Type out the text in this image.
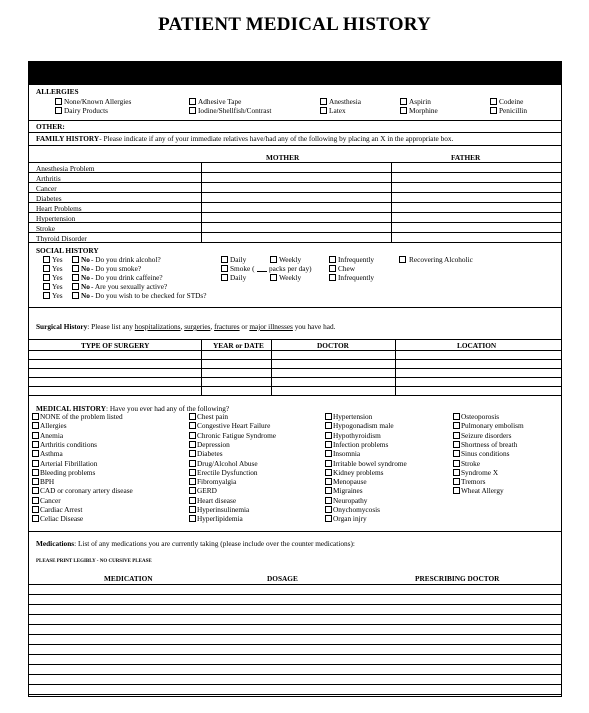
PATIENT MEDICAL HISTORY
ALLERGIES
None/Known Allergies
Dairy Products
Adhesive Tape
Iodine/Shellfish/Contrast
Anesthesia
Latex
Aspirin
Morphine
Codeine
Penicillin
OTHER:
FAMILY HISTORY- Please indicate if any of your immediate relatives have/had any of the following by placing an X in the appropriate box.
MOTHER	FATHER
Anesthesia Problem
Arthritis
Cancer
Diabetes
Heart Problems
Hypertension
Stroke
Thyroid Disorder
SOCIAL HISTORY
Yes	No - Do you drink alcohol?
Yes	No - Do you smoke?
Yes	No - Do you drink caffeine?
Yes	No - Are you sexually active?
Yes	No - Do you wish to be checked for STDs?
Daily	Weekly	Infrequently	Recovering Alcoholic
Smoke ( packs per day)	Chew
Daily	Weekly	Infrequently
Surgical History: Please list any hospitalizations, surgeries, fractures or major illnesses you have had.
TYPE OF SURGERY	YEAR or DATE	DOCTOR	LOCATION
MEDICAL HISTORY: Have you ever had any of the following?
NONE of the problem listed
Allergies
Anemia
Arthritis conditions
Asthma
Arterial Fibrillation
Bleeding problems
BPH
CAD or coronary artery disease
Cancer
Cardiac Arrest
Celiac Disease
Chest pain
Congestive Heart Failure
Chronic Fatigue Syndrome
Depression
Diabetes
Drug/Alcohol Abuse
Erectile Dysfunction
Fibromyalgia
GERD
Heart disease
Hyperinsulinemia
Hyperlipidemia
Hypertension
Hypogonadism male
Hypothyroidism
Infection problems
Insomnia
Irritable bowel syndrome
Kidney problems
Menopause
Migraines
Neuropathy
Onychomycosis
Organ injry
Osteoporosis
Pulmonary embolism
Seizure disorders
Shortness of breath
Sinus conditions
Stroke
Syndrome X
Tremors
Wheat Allergy
Medications: List of any medications you are currently taking (please include over the counter medications):
PLEASE PRINT LEGIBLY - NO CURSIVE PLEASE
MEDICATION	DOSAGE	PRESCRIBING DOCTOR
